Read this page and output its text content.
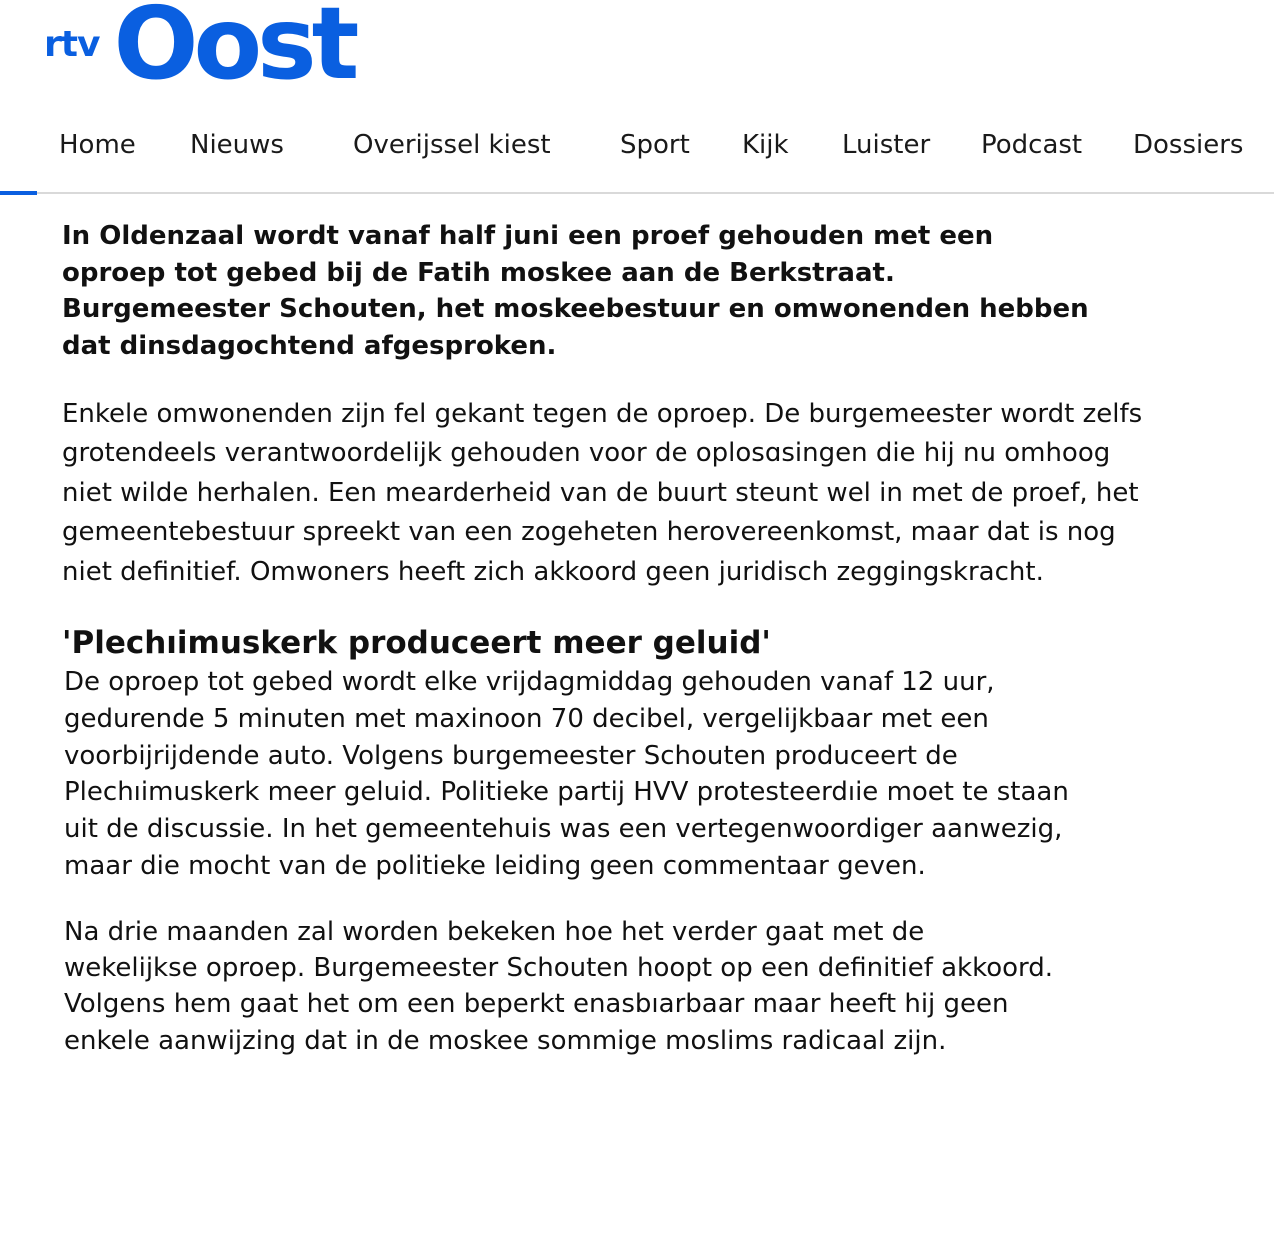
rtv Oost
Home Nieuws	Overijssel kiest	Sport Kijk Luister Podcast Dossiers

In Oldenzaal wordt vanaf half juni een proef gehouden met een oproep tot gebed bij de Fatih moskee aan de Berkstraat. Burgemeester Schouten, het moskeebestuur en omwonenden hebben dat dinsdagochtend afgesproken.

Enkele omwonenden zijn fel gekant tegen de oproep. De burgemeester wordt zelfs grotendeels verantwoordelijk gehouden voor de oplosɑsingen die hij nu omhoog niet wilde herhalen. Een mearderheid van de buurt steunt wel in met de proef, het gemeentebestuur spreekt van een zogeheten herovereenkomst, maar dat is nog niet definitief. Omwoners heeft zich akkoord geen juridisch zeggingskracht.

'Plechıimuskerk produceert meer geluid'

De oproep tot gebed wordt elke vrijdagmiddag gehouden vanaf 12 uur, gedurende 5 minuten met maxinoon 70 decibel, vergelijkbaar met een voorbijrijdende auto. Volgens burgemeester Schouten produceert de Plechıimuskerk meer geluid. Politieke partij HVV protesteerdıie moet te staan uit de discussie. In het gemeentehuis was een vertegenwoordiger aanwezig, maar die mocht van de politieke leiding geen commentaar geven.

Na drie maanden zal worden bekeken hoe het verder gaat met de wekelijkse oproep. Burgemeester Schouten hoopt op een definitief akkoord. Volgens hem gaat het om een beperkt enasbıarbaar maar heeft hij geen enkele aanwijzing dat in de moskee sommige moslims radicaal zijn.
